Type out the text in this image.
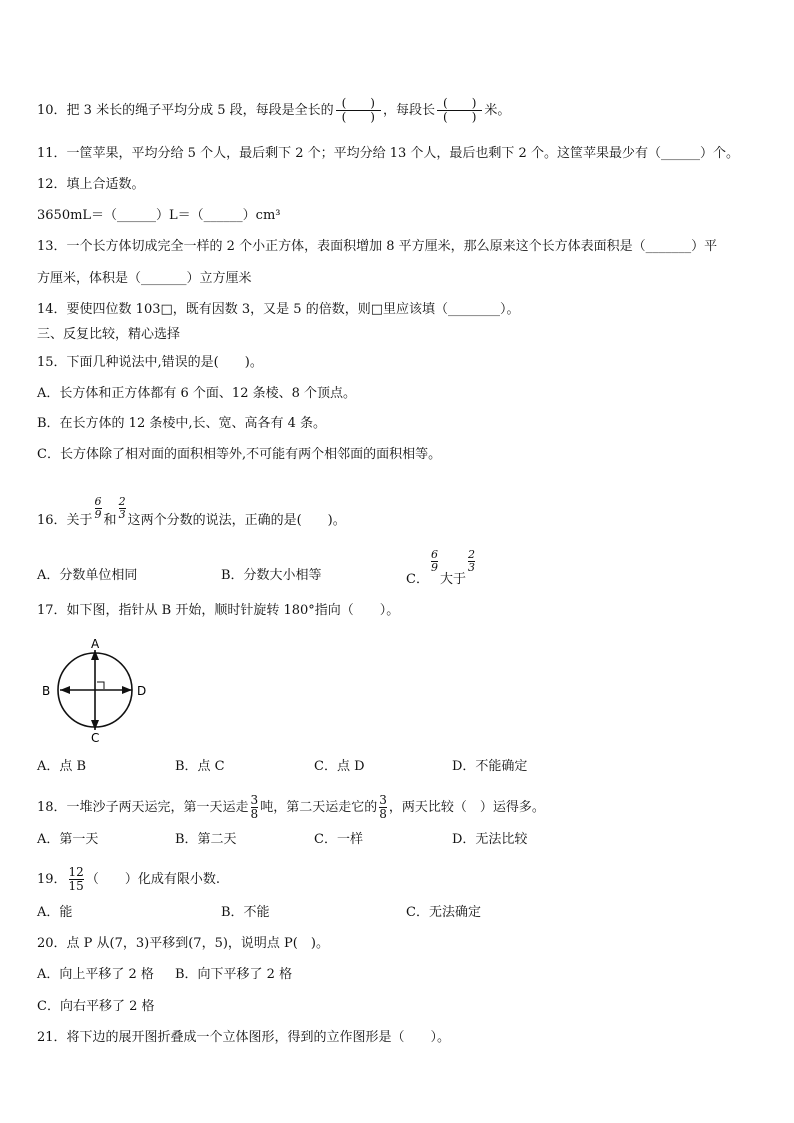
10．把 3 米长的绳子平均分成 5 段，每段是全长的 $\frac{( )}{( )}$ ，每段长 $\frac{( )}{( )}$ 米。
11．一筐苹果，平均分给 5 个人，最后剩下 2 个；平均分给 13 个人，最后也剩下 2 个。这筐苹果最少有（______）个。
12．填上合适数。
3650mL＝（______）L＝（______）cm³
13．一个长方体切成完全一样的 2 个小正方体，表面积增加 8 平方厘米，那么原来这个长方体表面积是（_______）平
方厘米，体积是（_______）立方厘米
14．要使四位数 103□，既有因数 3，又是 5 的倍数，则□里应该填（________）。
三、反复比较，精心选择
15．下面几种说法中,错误的是(　　)。
A．长方体和正方体都有 6 个面、12 条棱、8 个顶点。
B．在长方体的 12 条棱中,长、宽、高各有 4 条。
C．长方体除了相对面的面积相等外,不可能有两个相邻面的面积相等。
16．关于 $\frac{6}{9}$ 和 $\frac{2}{3}$ 这两个分数的说法，正确的是(　　)。
A．分数单位相同	B．分数大小相等	C．
$\frac{6}{9}$
大于
$\frac{2}{3}$
17．如下图，指针从 B 开始，顺时针旋转 180°指向（　　）。
A
B
C
D
A．点 B	B．点 C	C．点 D	D．不能确定
18．一堆沙子两天运完，第一天运走 $\frac{3}{8}$ 吨，第二天运走它的 $\frac{3}{8}$ ，两天比较（　）运得多。
A．第一天	B．第二天	C．一样	D．无法比较
19． $\frac{12}{15}$ （　　）化成有限小数.
A．能	B．不能	C．无法确定
20．点 P 从(7，3)平移到(7，5)，说明点 P(　)。
A．向上平移了 2 格 B．向下平移了 2 格
C．向右平移了 2 格
21．将下边的展开图折叠成一个立体图形，得到的立作图形是（　　）。
